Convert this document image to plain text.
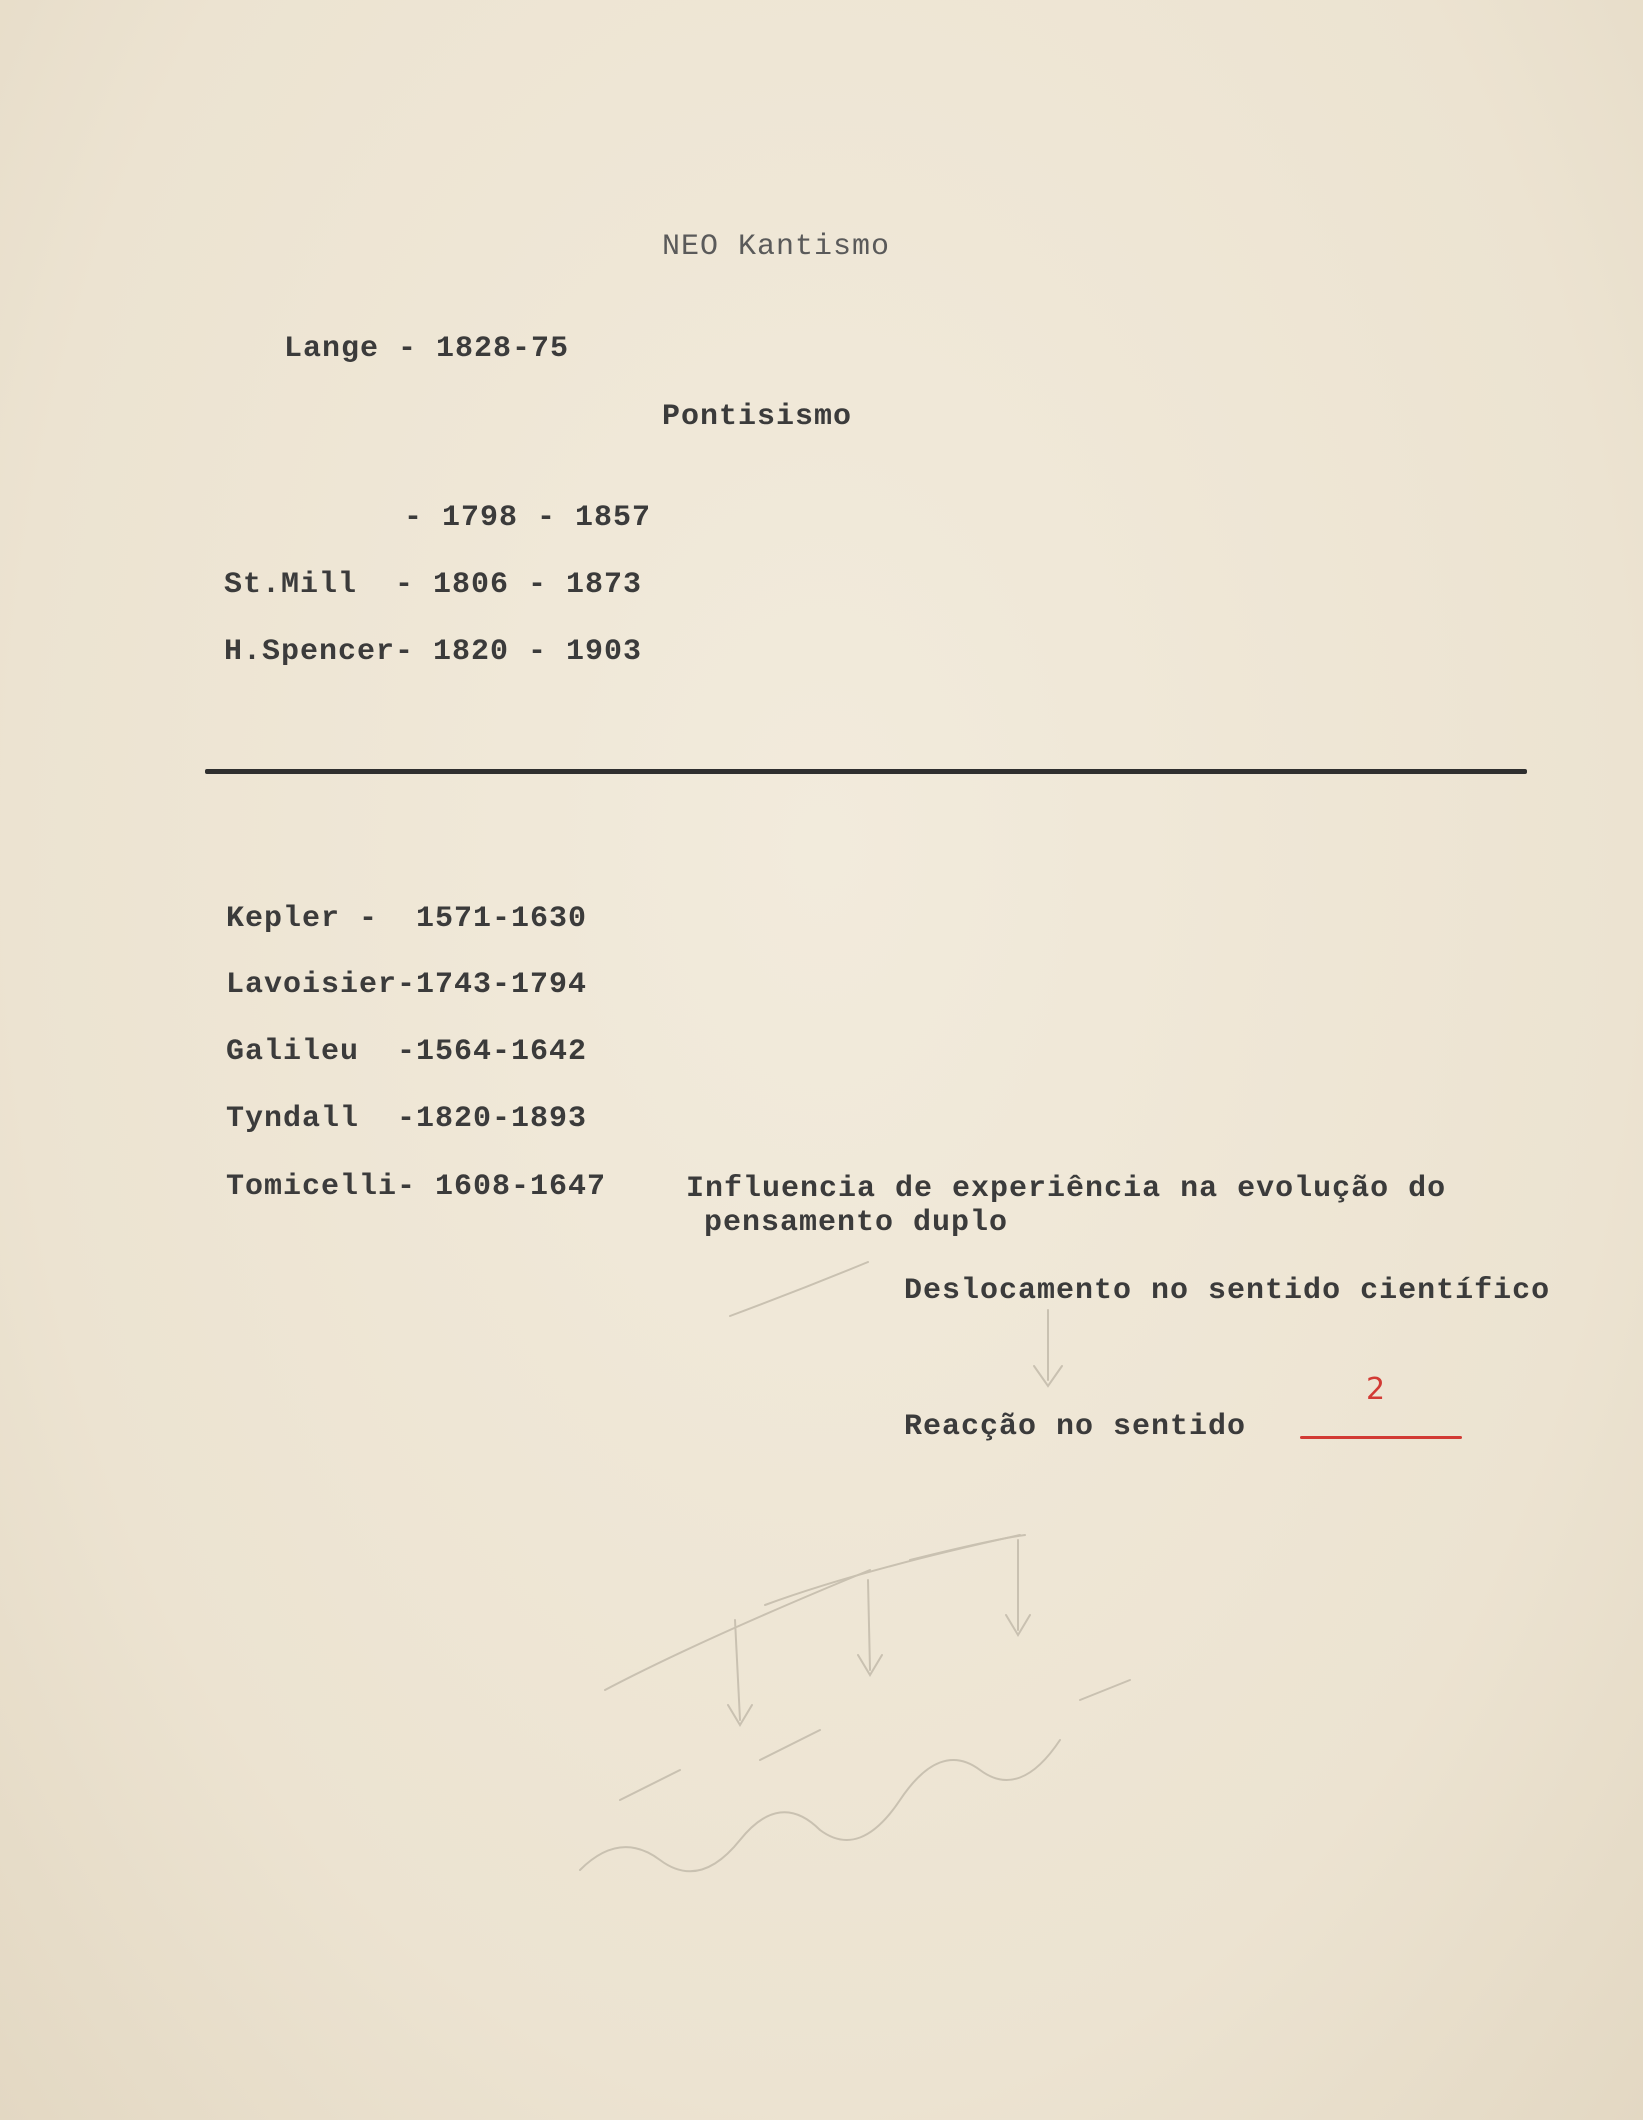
NEO Kantismo
Lange - 1828-75
Pontisismo
- 1798 - 1857
St.Mill  - 1806 - 1873
H.Spencer- 1820 - 1903
Kepler -  1571-1630
Lavoisier-1743-1794
Galileu  -1564-1642
Tyndall  -1820-1893
Tomicelli- 1608-1647	Influencia de experiência na evolução do
pensamento duplo
Deslocamento no sentido científico
Reacção no sentido
2
